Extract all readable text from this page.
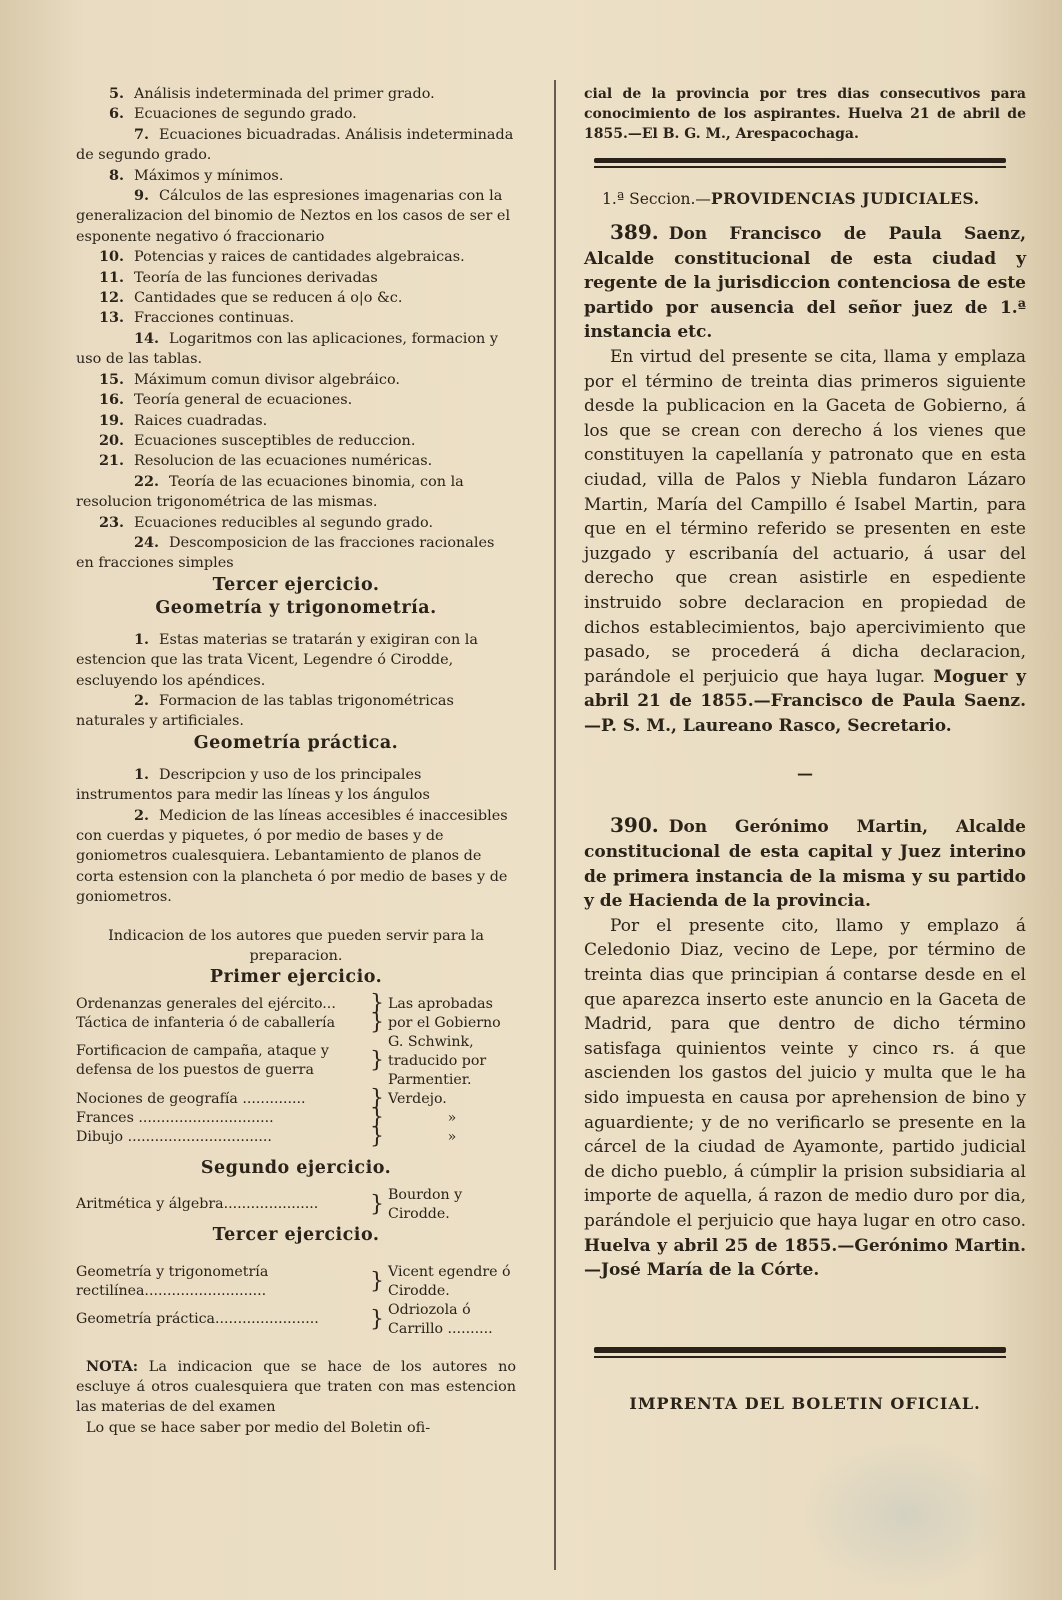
5. Análisis indeterminada del primer grado.
6. Ecuaciones de segundo grado.
7. Ecuaciones bicuadradas. Análisis indeterminada de segundo grado.
8. Máximos y mínimos.
9. Cálculos de las espresiones imagenarias con la generalizacion del binomio de Neztos en los casos de ser el esponente negativo ó fraccionario
10. Potencias y raices de cantidades algebraicas.
11. Teoría de las funciones derivadas
12. Cantidades que se reducen á o|o &c.
13. Fracciones continuas.
14. Logaritmos con las aplicaciones, formacion y uso de las tablas.
15. Máximum comun divisor algebráico.
16. Teoría general de ecuaciones.
19. Raices cuadradas.
20. Ecuaciones susceptibles de reduccion.
21. Resolucion de las ecuaciones numéricas.
22. Teoría de las ecuaciones binomia, con la resolucion trigonométrica de las mismas.
23. Ecuaciones reducibles al segundo grado.
24. Descomposicion de las fracciones racionales en fracciones simples
Tercer ejercicio.
Geometría y trigonometría.
1. Estas materias se tratarán y exigiran con la estencion que las trata Vicent, Legendre ó Cirodde, escluyendo los apéndices.
2. Formacion de las tablas trigonométricas naturales y artificiales.
Geometría práctica.
1. Descripcion y uso de los principales instrumentos para medir las líneas y los ángulos
2. Medicion de las líneas accesibles é inaccesibles con cuerdas y piquetes, ó por medio de bases y de goniometros cualesquiera. Lebantamiento de planos de corta estension con la plancheta ó por medio de bases y de goniometros.
Indicacion de los autores que pueden servir para la preparacion.
Primer ejercicio.
Ordenanzas generales del ejército...	}	Las aprobadas
Táctica de infanteria ó de caballería	}	por el Gobierno
Fortificacion de campaña, ataque y defensa de los puestos de guerra	}	G. Schwink, traducido por Parmentier.
Nociones de geografía ..............	}	Verdejo.
Frances ..............................	}	»
Dibujo ................................	}	»
Segundo ejercicio.
Aritmética y álgebra.....................	}	Bourdon y Cirodde.
Tercer ejercicio.
Geometría y trigonometría rectilínea...........................	}	Vicent egendre ó Cirodde.
Geometría práctica.......................	}	Odriozola ó Carrillo ..........
NOTA: La indicacion que se hace de los autores no escluye á otros cualesquiera que traten con mas estencion las materias de del examen
Lo que se hace saber por medio del Boletin ofi-
cial de la provincia por tres dias consecutivos para conocimiento de los aspirantes. Huelva 21 de abril de 1855.—El B. G. M., Arespacochaga.
1.ª Seccion.—PROVIDENCIAS JUDICIALES.
389. Don Francisco de Paula Saenz, Alcalde constitucional de esta ciudad y regente de la jurisdiccion contenciosa de este partido por ausencia del señor juez de 1.ª instancia etc.
En virtud del presente se cita, llama y emplaza por el término de treinta dias primeros siguiente desde la publicacion en la Gaceta de Gobierno, á los que se crean con derecho á los vienes que constituyen la capellanía y patronato que en esta ciudad, villa de Palos y Niebla fundaron Lázaro Martin, María del Campillo é Isabel Martin, para que en el término referido se presenten en este juzgado y escribanía del actuario, á usar del derecho que crean asistirle en espediente instruido sobre declaracion en propiedad de dichos establecimientos, bajo apercivimiento que pasado, se procederá á dicha declaracion, parándole el perjuicio que haya lugar. Moguer y abril 21 de 1855.—Francisco de Paula Saenz.—P. S. M., Laureano Rasco, Secretario.
—
390. Don Gerónimo Martin, Alcalde constitucional de esta capital y Juez interino de primera instancia de la misma y su partido y de Hacienda de la provincia.
Por el presente cito, llamo y emplazo á Celedonio Diaz, vecino de Lepe, por término de treinta dias que principian á contarse desde en el que aparezca inserto este anuncio en la Gaceta de Madrid, para que dentro de dicho término satisfaga quinientos veinte y cinco rs. á que ascienden los gastos del juicio y multa que le ha sido impuesta en causa por aprehension de bino y aguardiente; y de no verificarlo se presente en la cárcel de la ciudad de Ayamonte, partido judicial de dicho pueblo, á cúmplir la prision subsidiaria al importe de aquella, á razon de medio duro por dia, parándole el perjuicio que haya lugar en otro caso. Huelva y abril 25 de 1855.—Gerónimo Martin.—José María de la Córte.
IMPRENTA DEL BOLETIN OFICIAL.
